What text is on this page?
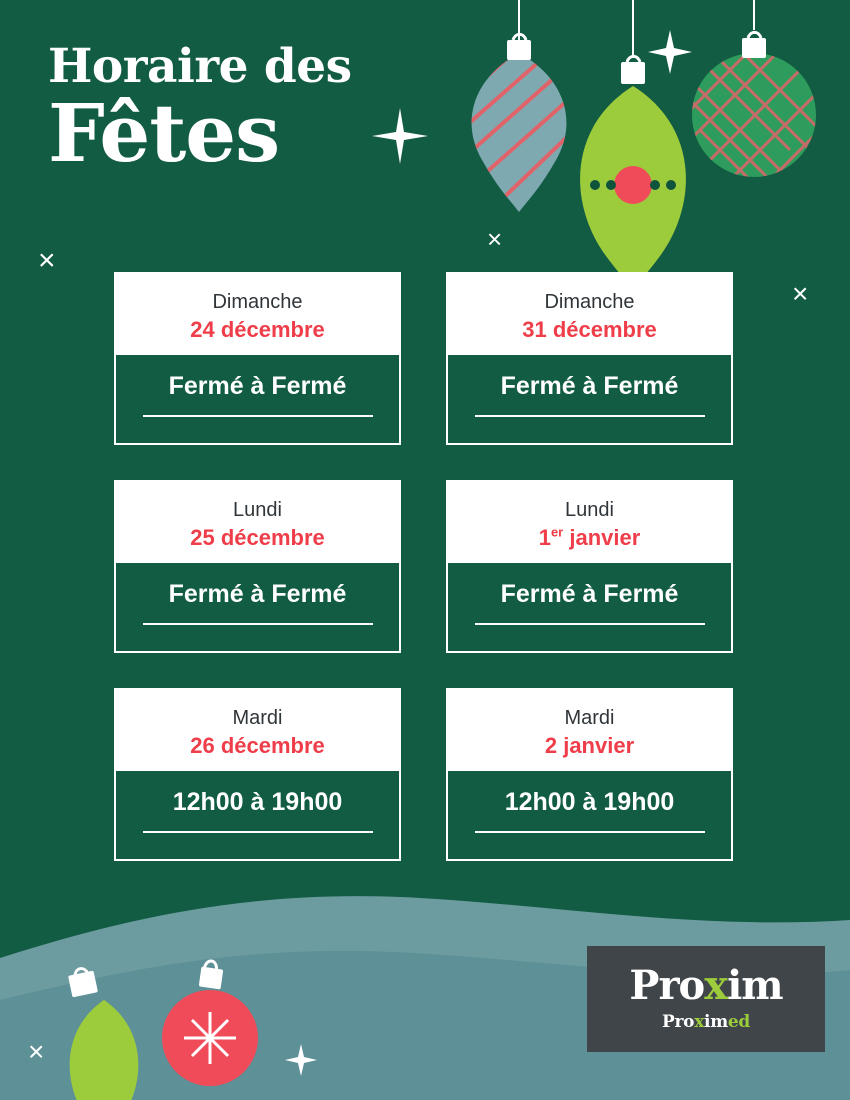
×
×
×
×
Horaire des
Fêtes
Dimanche
24 décembre
Fermé à Fermé
Dimanche
31 décembre
Fermé à Fermé
Lundi
25 décembre
Fermé à Fermé
Lundi
1er janvier
Fermé à Fermé
Mardi
26 décembre
12h00 à 19h00
Mardi
2 janvier
12h00 à 19h00
Proxim
Proximed
